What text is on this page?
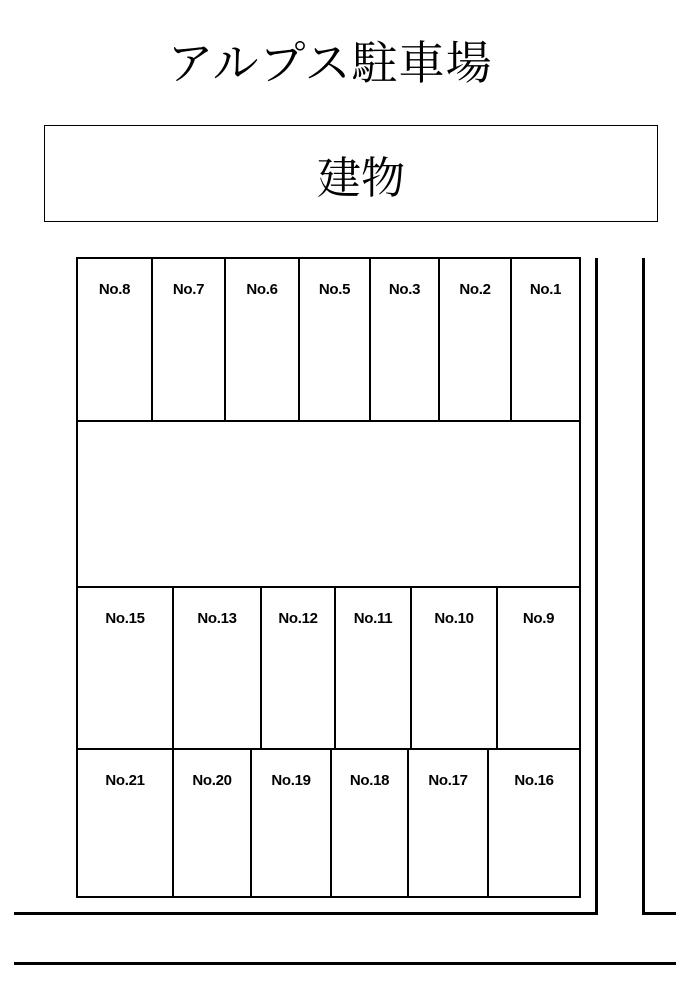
アルプス駐車場
建物
No.8	No.7	No.6	No.5	No.3	No.2	No.1
No.15	No.13	No.12	No.11	No.10	No.9
No.21	No.20	No.19	No.18	No.17	No.16
